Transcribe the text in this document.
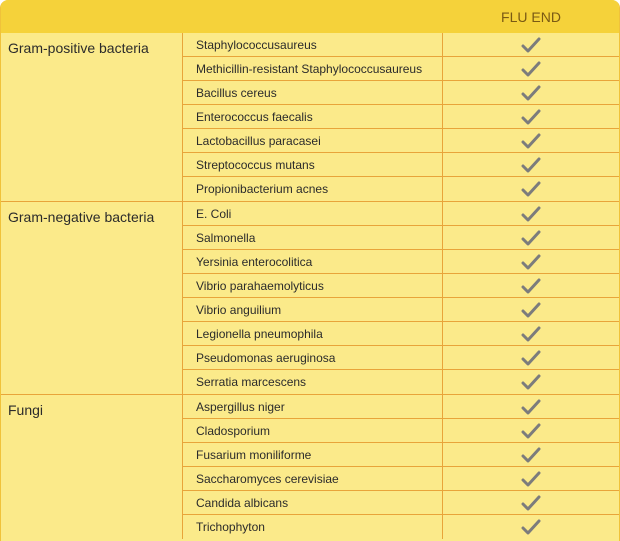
FLU END
Gram-positive bacteria	Staphylococcusaureus
Methicillin-resistant Staphylococcusaureus
Bacillus cereus
Enterococcus faecalis
Lactobacillus paracasei
Streptococcus mutans
Propionibacterium acnes
Gram-negative bacteria	E. Coli
Salmonella
Yersinia enterocolitica
Vibrio parahaemolyticus
Vibrio anguilium
Legionella pneumophila
Pseudomonas aeruginosa
Serratia marcescens
Fungi	Aspergillus niger
Cladosporium
Fusarium moniliforme
Saccharomyces cerevisiae
Candida albicans
Trichophyton
